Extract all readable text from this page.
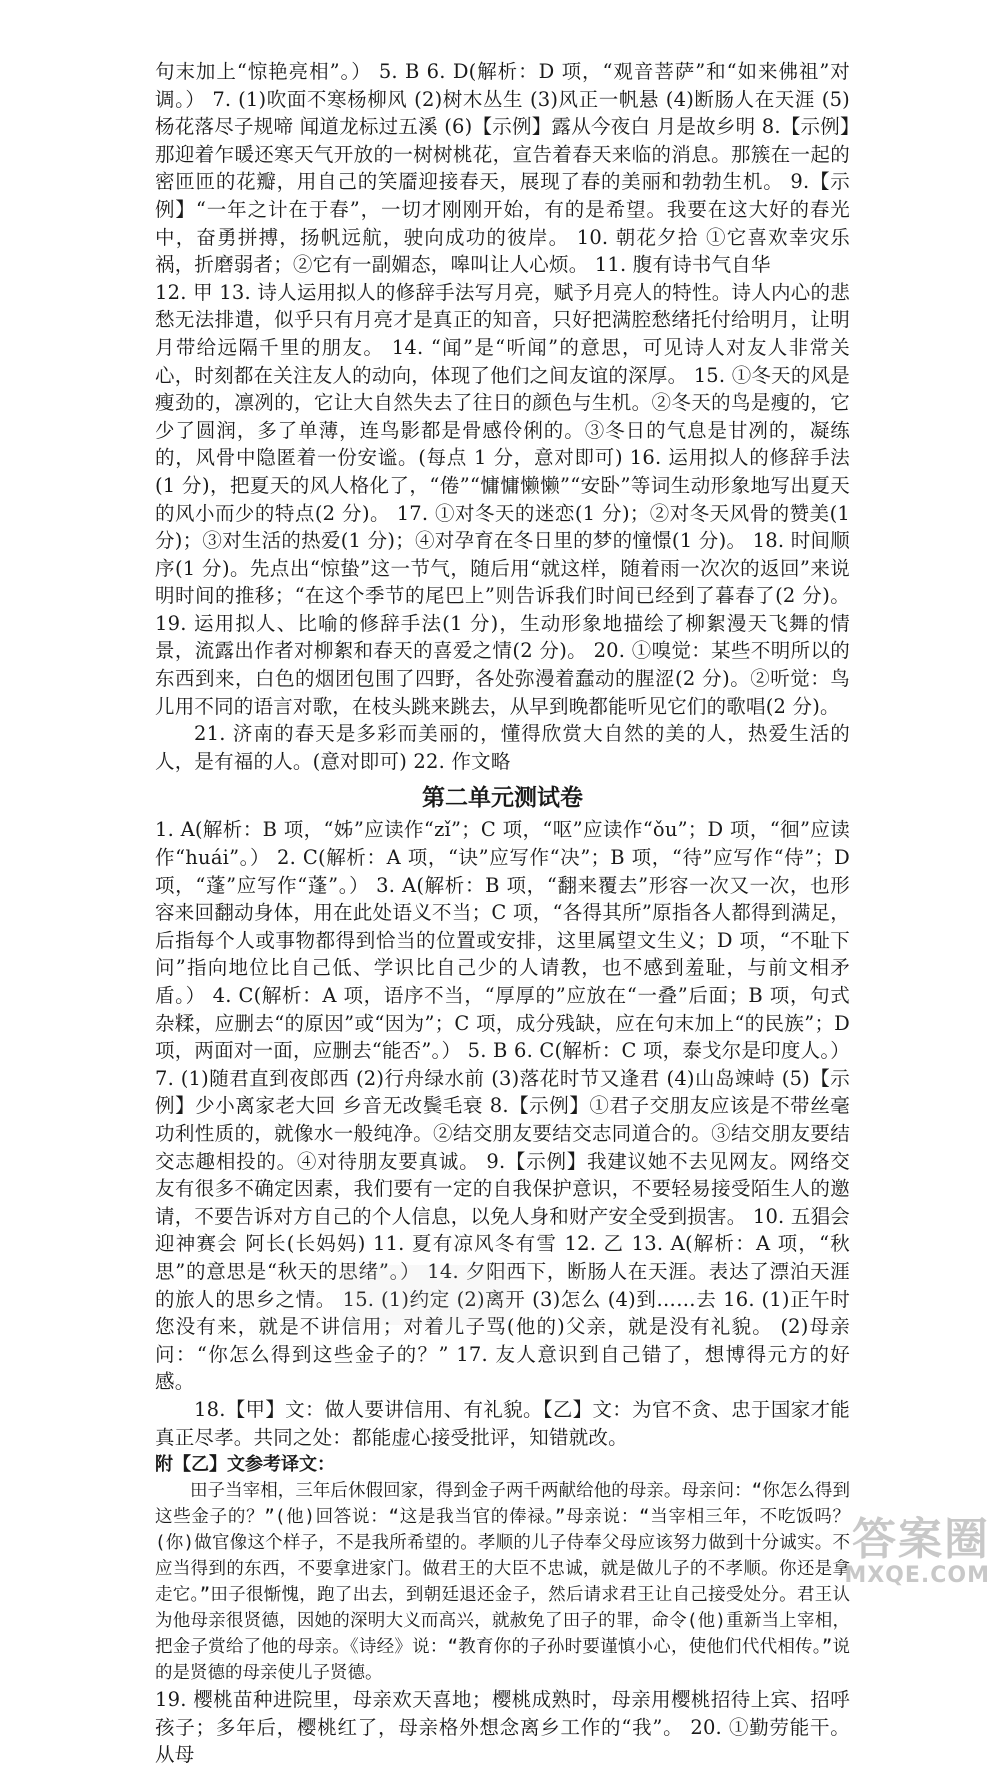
句末加上“惊艳亮相”。） 5. B 6. D(解析：D 项，“观音菩萨”和“如来佛祖”对调。） 7. (1)吹面不寒杨柳风 (2)树木丛生 (3)风正一帆悬 (4)断肠人在天涯 (5)杨花落尽子规啼 闻道龙标过五溪 (6)【示例】露从今夜白 月是故乡明 8.【示例】那迎着乍暖还寒天气开放的一树树桃花，宣告着春天来临的消息。那簇在一起的密匝匝的花瓣，用自己的笑靥迎接春天，展现了春的美丽和勃勃生机。 9.【示例】“一年之计在于春”，一切才刚刚开始，有的是希望。我要在这大好的春光中，奋勇拼搏，扬帆远航，驶向成功的彼岸。 10. 朝花夕拾 ①它喜欢幸灾乐祸，折磨弱者；②它有一副媚态，嗥叫让人心烦。 11. 腹有诗书气自华

12. 甲 13. 诗人运用拟人的修辞手法写月亮，赋予月亮人的特性。诗人内心的悲愁无法排遣，似乎只有月亮才是真正的知音，只好把满腔愁绪托付给明月，让明月带给远隔千里的朋友。 14. “闻”是“听闻”的意思，可见诗人对友人非常关心，时刻都在关注友人的动向，体现了他们之间友谊的深厚。 15. ①冬天的风是瘦劲的，凛冽的，它让大自然失去了往日的颜色与生机。②冬天的鸟是瘦的，它少了圆润，多了单薄，连鸟影都是骨感伶俐的。③冬日的气息是甘冽的，凝练的，风骨中隐匿着一份安谧。(每点 1 分，意对即可) 16. 运用拟人的修辞手法(1 分)，把夏天的风人格化了，“倦”“慵慵懒懒”“安卧”等词生动形象地写出夏天的风小而少的特点(2 分)。 17. ①对冬天的迷恋(1 分)；②对冬天风骨的赞美(1 分)；③对生活的热爱(1 分)；④对孕育在冬日里的梦的憧憬(1 分)。 18. 时间顺序(1 分)。先点出“惊蛰”这一节气，随后用“就这样，随着雨一次次的返回”来说明时间的推移；“在这个季节的尾巴上”则告诉我们时间已经到了暮春了(2 分)。 19. 运用拟人、比喻的修辞手法(1 分)，生动形象地描绘了柳絮漫天飞舞的情景，流露出作者对柳絮和春天的喜爱之情(2 分)。 20. ①嗅觉：某些不明所以的东西到来，白色的烟团包围了四野，各处弥漫着蠢动的腥涩(2 分)。②听觉：鸟儿用不同的语言对歌，在枝头跳来跳去，从早到晚都能听见它们的歌唱(2 分)。

21. 济南的春天是多彩而美丽的，懂得欣赏大自然的美的人，热爱生活的人，是有福的人。(意对即可) 22. 作文略

第二单元测试卷

1. A(解析：B 项，“姊”应读作“zǐ”；C 项，“呕”应读作“ǒu”；D 项，“徊”应读作“huái”。） 2. C(解析：A 项，“诀”应写作“决”；B 项，“待”应写作“侍”；D 项，“蓬”应写作“蓬”。） 3. A(解析：B 项，“翻来覆去”形容一次又一次，也形容来回翻动身体，用在此处语义不当；C 项，“各得其所”原指各人都得到满足，后指每个人或事物都得到恰当的位置或安排，这里属望文生义；D 项，“不耻下问”指向地位比自己低、学识比自己少的人请教，也不感到羞耻，与前文相矛盾。） 4. C(解析：A 项，语序不当，“厚厚的”应放在“一叠”后面；B 项，句式杂糅，应删去“的原因”或“因为”；C 项，成分残缺，应在句末加上“的民族”；D 项，两面对一面，应删去“能否”。） 5. B 6. C(解析：C 项，泰戈尔是印度人。） 7. (1)随君直到夜郎西 (2)行舟绿水前 (3)落花时节又逢君 (4)山岛竦峙 (5)【示例】少小离家老大回 乡音无改鬓毛衰 8.【示例】①君子交朋友应该是不带丝毫功利性质的，就像水一般纯净。②结交朋友要结交志同道合的。③结交朋友要结交志趣相投的。④对待朋友要真诚。 9.【示例】我建议她不去见网友。网络交友有很多不确定因素，我们要有一定的自我保护意识，不要轻易接受陌生人的邀请，不要告诉对方自己的个人信息，以免人身和财产安全受到损害。 10. 五猖会 迎神赛会 阿长(长妈妈) 11. 夏有凉风冬有雪 12. 乙 13. A(解析：A 项，“秋思”的意思是“秋天的思绪”。） 14. 夕阳西下，断肠人在天涯。表达了漂泊天涯的旅人的思乡之情。 15. (1)约定 (2)离开 (3)怎么 (4)到……去 16. (1)正午时您没有来，就是不讲信用；对着儿子骂(他的)父亲，就是没有礼貌。 (2)母亲问：“你怎么得到这些金子的？” 17. 友人意识到自己错了，想博得元方的好感。

18.【甲】文：做人要讲信用、有礼貌。【乙】文：为官不贪、忠于国家才能真正尽孝。共同之处：都能虚心接受批评，知错就改。

附【乙】文参考译文：

田子当宰相，三年后休假回家，得到金子两千两献给他的母亲。母亲问：“你怎么得到这些金子的？”(他)回答说：“这是我当官的俸禄。”母亲说：“当宰相三年，不吃饭吗？(你)做官像这个样子，不是我所希望的。孝顺的儿子侍奉父母应该努力做到十分诚实。不应当得到的东西，不要拿进家门。做君王的大臣不忠诚，就是做儿子的不孝顺。你还是拿走它。”田子很惭愧，跑了出去，到朝廷退还金子，然后请求君王让自己接受处分。君王认为他母亲很贤德，因她的深明大义而高兴，就赦免了田子的罪，命令(他)重新当上宰相，把金子赏给了他的母亲。《诗经》说：“教育你的子孙时要谨慎小心，使他们代代相传。”说的是贤德的母亲使儿子贤德。

19. 樱桃苗种进院里，母亲欢天喜地；樱桃成熟时，母亲用樱桃招待上宾、招呼孩子；多年后，樱桃红了，母亲格外想念离乡工作的“我”。 20. ①勤劳能干。从母

答案圈
MXQE.COM
